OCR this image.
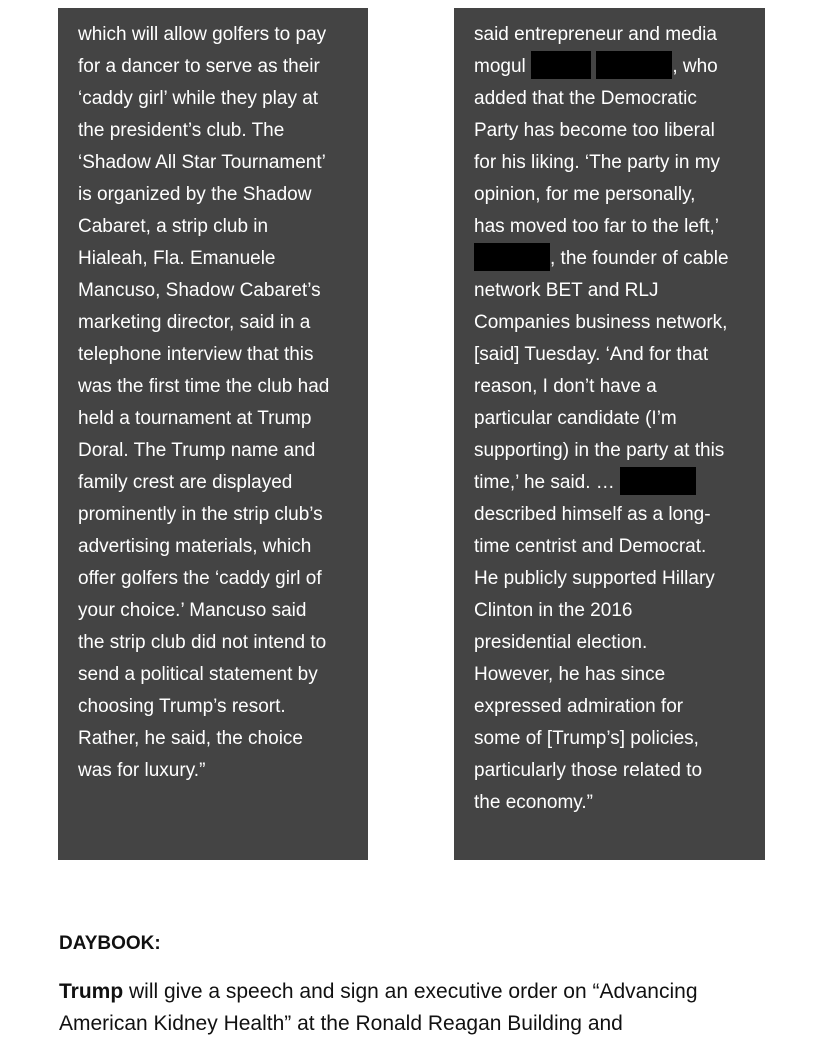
which will allow golfers to pay
for a dancer to serve as their
‘caddy girl’ while they play at
the president’s club. The
‘Shadow All Star Tournament’
is organized by the Shadow
Cabaret, a strip club in
Hialeah, Fla. Emanuele
Mancuso, Shadow Cabaret’s
marketing director, said in a
telephone interview that this
was the first time the club had
held a tournament at Trump
Doral. The Trump name and
family crest are displayed
prominently in the strip club’s
advertising materials, which
offer golfers the ‘caddy girl of
your choice.’ Mancuso said
the strip club did not intend to
send a political statement by
choosing Trump’s resort.
Rather, he said, the choice
was for luxury.”
said entrepreneur and media
mogul	, who
added that the Democratic
Party has become too liberal
for his liking. ‘The party in my
opinion, for me personally,
has moved too far to the left,’
, the founder of cable
network BET and RLJ
Companies business network,
[said] Tuesday. ‘And for that
reason, I don’t have a
particular candidate (I’m
supporting) in the party at this
time,’ he said. …
described himself as a long-
time centrist and Democrat.
He publicly supported Hillary
Clinton in the 2016
presidential election.
However, he has since
expressed admiration for
some of [Trump’s] policies,
particularly those related to
the economy.”
DAYBOOK:

Trump will give a speech and sign an executive order on “Advancing
American Kidney Health” at the Ronald Reagan Building and
